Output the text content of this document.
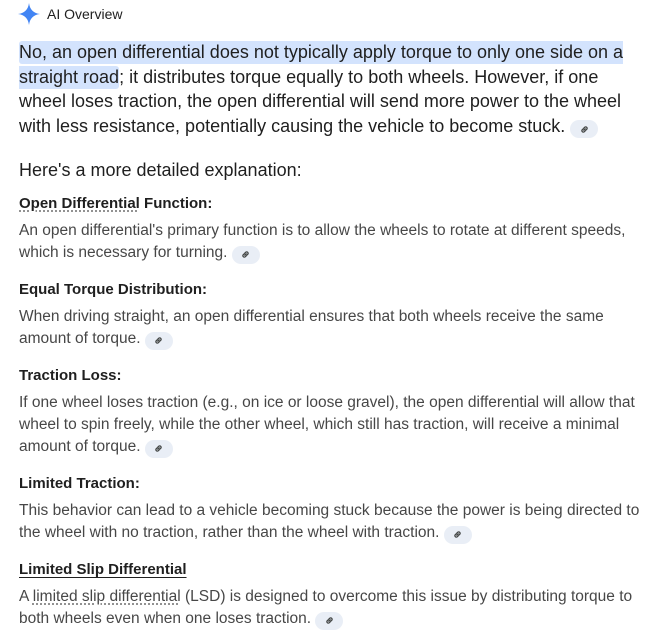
AI Overview

No, an open differential does not typically apply torque to only one side on a straight road; it distributes torque equally to both wheels. However, if one wheel loses traction, the open differential will send more power to the wheel with less resistance, potentially causing the vehicle to become stuck.

Here's a more detailed explanation:

Open Differential Function:

An open differential's primary function is to allow the wheels to rotate at different speeds, which is necessary for turning.

Equal Torque Distribution:

When driving straight, an open differential ensures that both wheels receive the same amount of torque.

Traction Loss:

If one wheel loses traction (e.g., on ice or loose gravel), the open differential will allow that wheel to spin freely, while the other wheel, which still has traction, will receive a minimal amount of torque.

Limited Traction:

This behavior can lead to a vehicle becoming stuck because the power is being directed to the wheel with no traction, rather than the wheel with traction.

Limited Slip Differential

A limited slip differential (LSD) is designed to overcome this issue by distributing torque to both wheels even when one loses traction.
